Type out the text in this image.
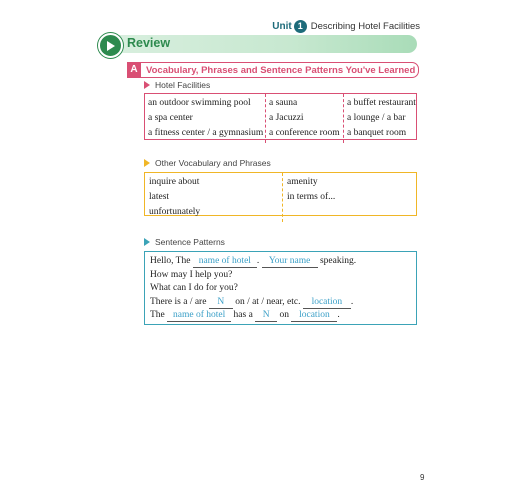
Unit 1 Describing Hotel Facilities
Review
A Vocabulary, Phrases and Sentence Patterns You've Learned
Hotel Facilities
an outdoor swimming pool
a spa center
a fitness center / a gymnasium
a sauna
a Jacuzzi
a conference room
a buffet restaurant
a lounge / a bar
a banquet room
Other Vocabulary and Phrases
inquire about
latest
unfortunately
amenity
in terms of...
Sentence Patterns
Hello, The name of hotel . Your name speaking.
How may I help you?
What can I do for you?
There is a / are N on / at / near, etc. location .
The name of hotel has a N on location .
9
